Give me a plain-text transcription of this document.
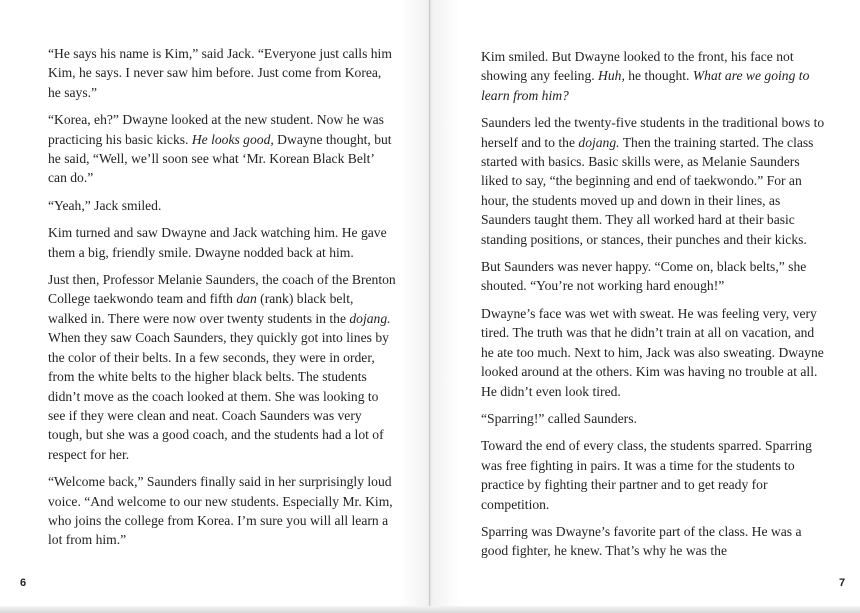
“He says his name is Kim,” said Jack. “Everyone just calls him Kim, he says. I never saw him before. Just come from Korea, he says.”

“Korea, eh?” Dwayne looked at the new student. Now he was practicing his basic kicks. He looks good, Dwayne thought, but he said, “Well, we’ll soon see what ‘Mr. Korean Black Belt’ can do.”

“Yeah,” Jack smiled.

Kim turned and saw Dwayne and Jack watching him. He gave them a big, friendly smile. Dwayne nodded back at him.

Just then, Professor Melanie Saunders, the coach of the Brenton College taekwondo team and fifth dan (rank) black belt, walked in. There were now over twenty students in the dojang. When they saw Coach Saunders, they quickly got into lines by the color of their belts. In a few seconds, they were in order, from the white belts to the higher black belts. The students didn’t move as the coach looked at them. She was looking to see if they were clean and neat. Coach Saunders was very tough, but she was a good coach, and the students had a lot of respect for her.

“Welcome back,” Saunders finally said in her surprisingly loud voice. “And welcome to our new students. Especially Mr. Kim, who joins the college from Korea. I’m sure you will all learn a lot from him.”

6

Kim smiled. But Dwayne looked to the front, his face not showing any feeling. Huh, he thought. What are we going to learn from him?

Saunders led the twenty-five students in the traditional bows to herself and to the dojang. Then the training started. The class started with basics. Basic skills were, as Melanie Saunders liked to say, “the beginning and end of taekwondo.” For an hour, the students moved up and down in their lines, as Saunders taught them. They all worked hard at their basic standing positions, or stances, their punches and their kicks.

But Saunders was never happy. “Come on, black belts,” she shouted. “You’re not working hard enough!”

Dwayne’s face was wet with sweat. He was feeling very, very tired. The truth was that he didn’t train at all on vacation, and he ate too much. Next to him, Jack was also sweating. Dwayne looked around at the others. Kim was having no trouble at all. He didn’t even look tired.

“Sparring!” called Saunders.

Toward the end of every class, the students sparred. Sparring was free fighting in pairs. It was a time for the students to practice by fighting their partner and to get ready for competition.

Sparring was Dwayne’s favorite part of the class. He was a good fighter, he knew. That’s why he was the

7
